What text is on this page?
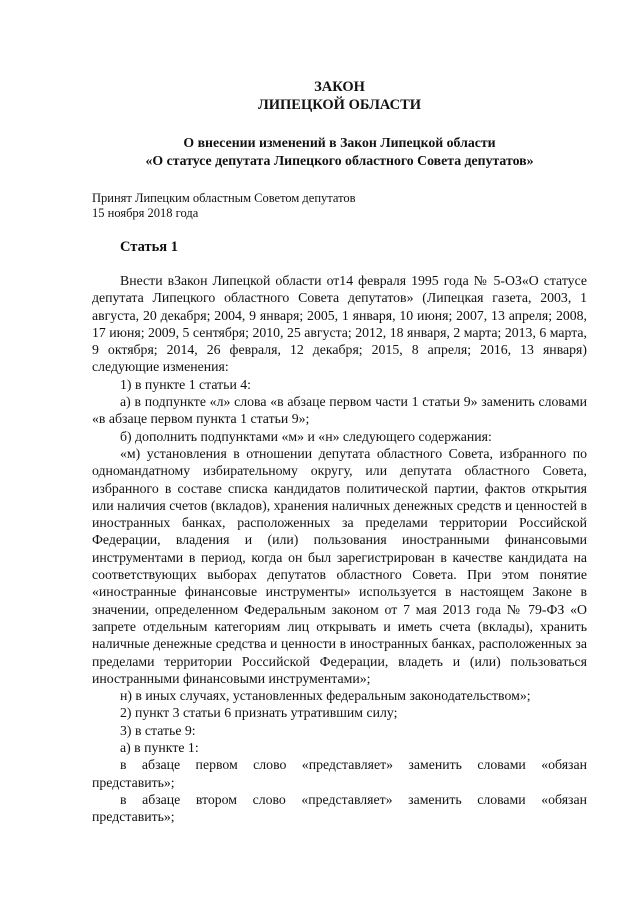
ЗАКОН
ЛИПЕЦКОЙ ОБЛАСТИ
О внесении изменений в Закон Липецкой области
«О статусе депутата Липецкого областного Совета депутатов»
Принят Липецким областным Советом депутатов
15 ноября 2018 года
Статья 1

Внести вЗакон Липецкой области от14 февраля 1995 года № 5-ОЗ«О статусе депутата Липецкого областного Совета депутатов» (Липецкая газета, 2003, 1 августа, 20 декабря; 2004, 9 января; 2005, 1 января, 10 июня; 2007, 13 апреля; 2008, 17 июня; 2009, 5 сентября; 2010, 25 августа; 2012, 18 января, 2 марта; 2013, 6 марта, 9 октября; 2014, 26 февраля, 12 декабря; 2015, 8 апреля; 2016, 13 января) следующие изменения:

1) в пункте 1 статьи 4:

а) в подпункте «л» слова «в абзаце первом части 1 статьи 9» заменить словами «в абзаце первом пункта 1 статьи 9»;

б) дополнить подпунктами «м» и «н» следующего содержания:

«м) установления в отношении депутата областного Совета, избранного по одномандатному избирательному округу, или депутата областного Совета, избранного в составе списка кандидатов политической партии, фактов открытия или наличия счетов (вкладов), хранения наличных денежных средств и ценностей в иностранных банках, расположенных за пределами территории Российской Федерации, владения и (или) пользования иностранными финансовыми инструментами в период, когда он был зарегистрирован в качестве кандидата на соответствующих выборах депутатов областного Совета. При этом понятие «иностранные финансовые инструменты» используется в настоящем Законе в значении, определенном Федеральным законом от 7 мая 2013 года № 79-ФЗ «О запрете отдельным категориям лиц открывать и иметь счета (вклады), хранить наличные денежные средства и ценности в иностранных банках, расположенных за пределами территории Российской Федерации, владеть и (или) пользоваться иностранными финансовыми инструментами»;

н) в иных случаях, установленных федеральным законодательством»;

2) пункт 3 статьи 6 признать утратившим силу;

3) в статье 9:

а) в пункте 1:

в абзаце первом слово «представляет» заменить словами «обязан представить»;

в абзаце втором слово «представляет» заменить словами «обязан представить»;
